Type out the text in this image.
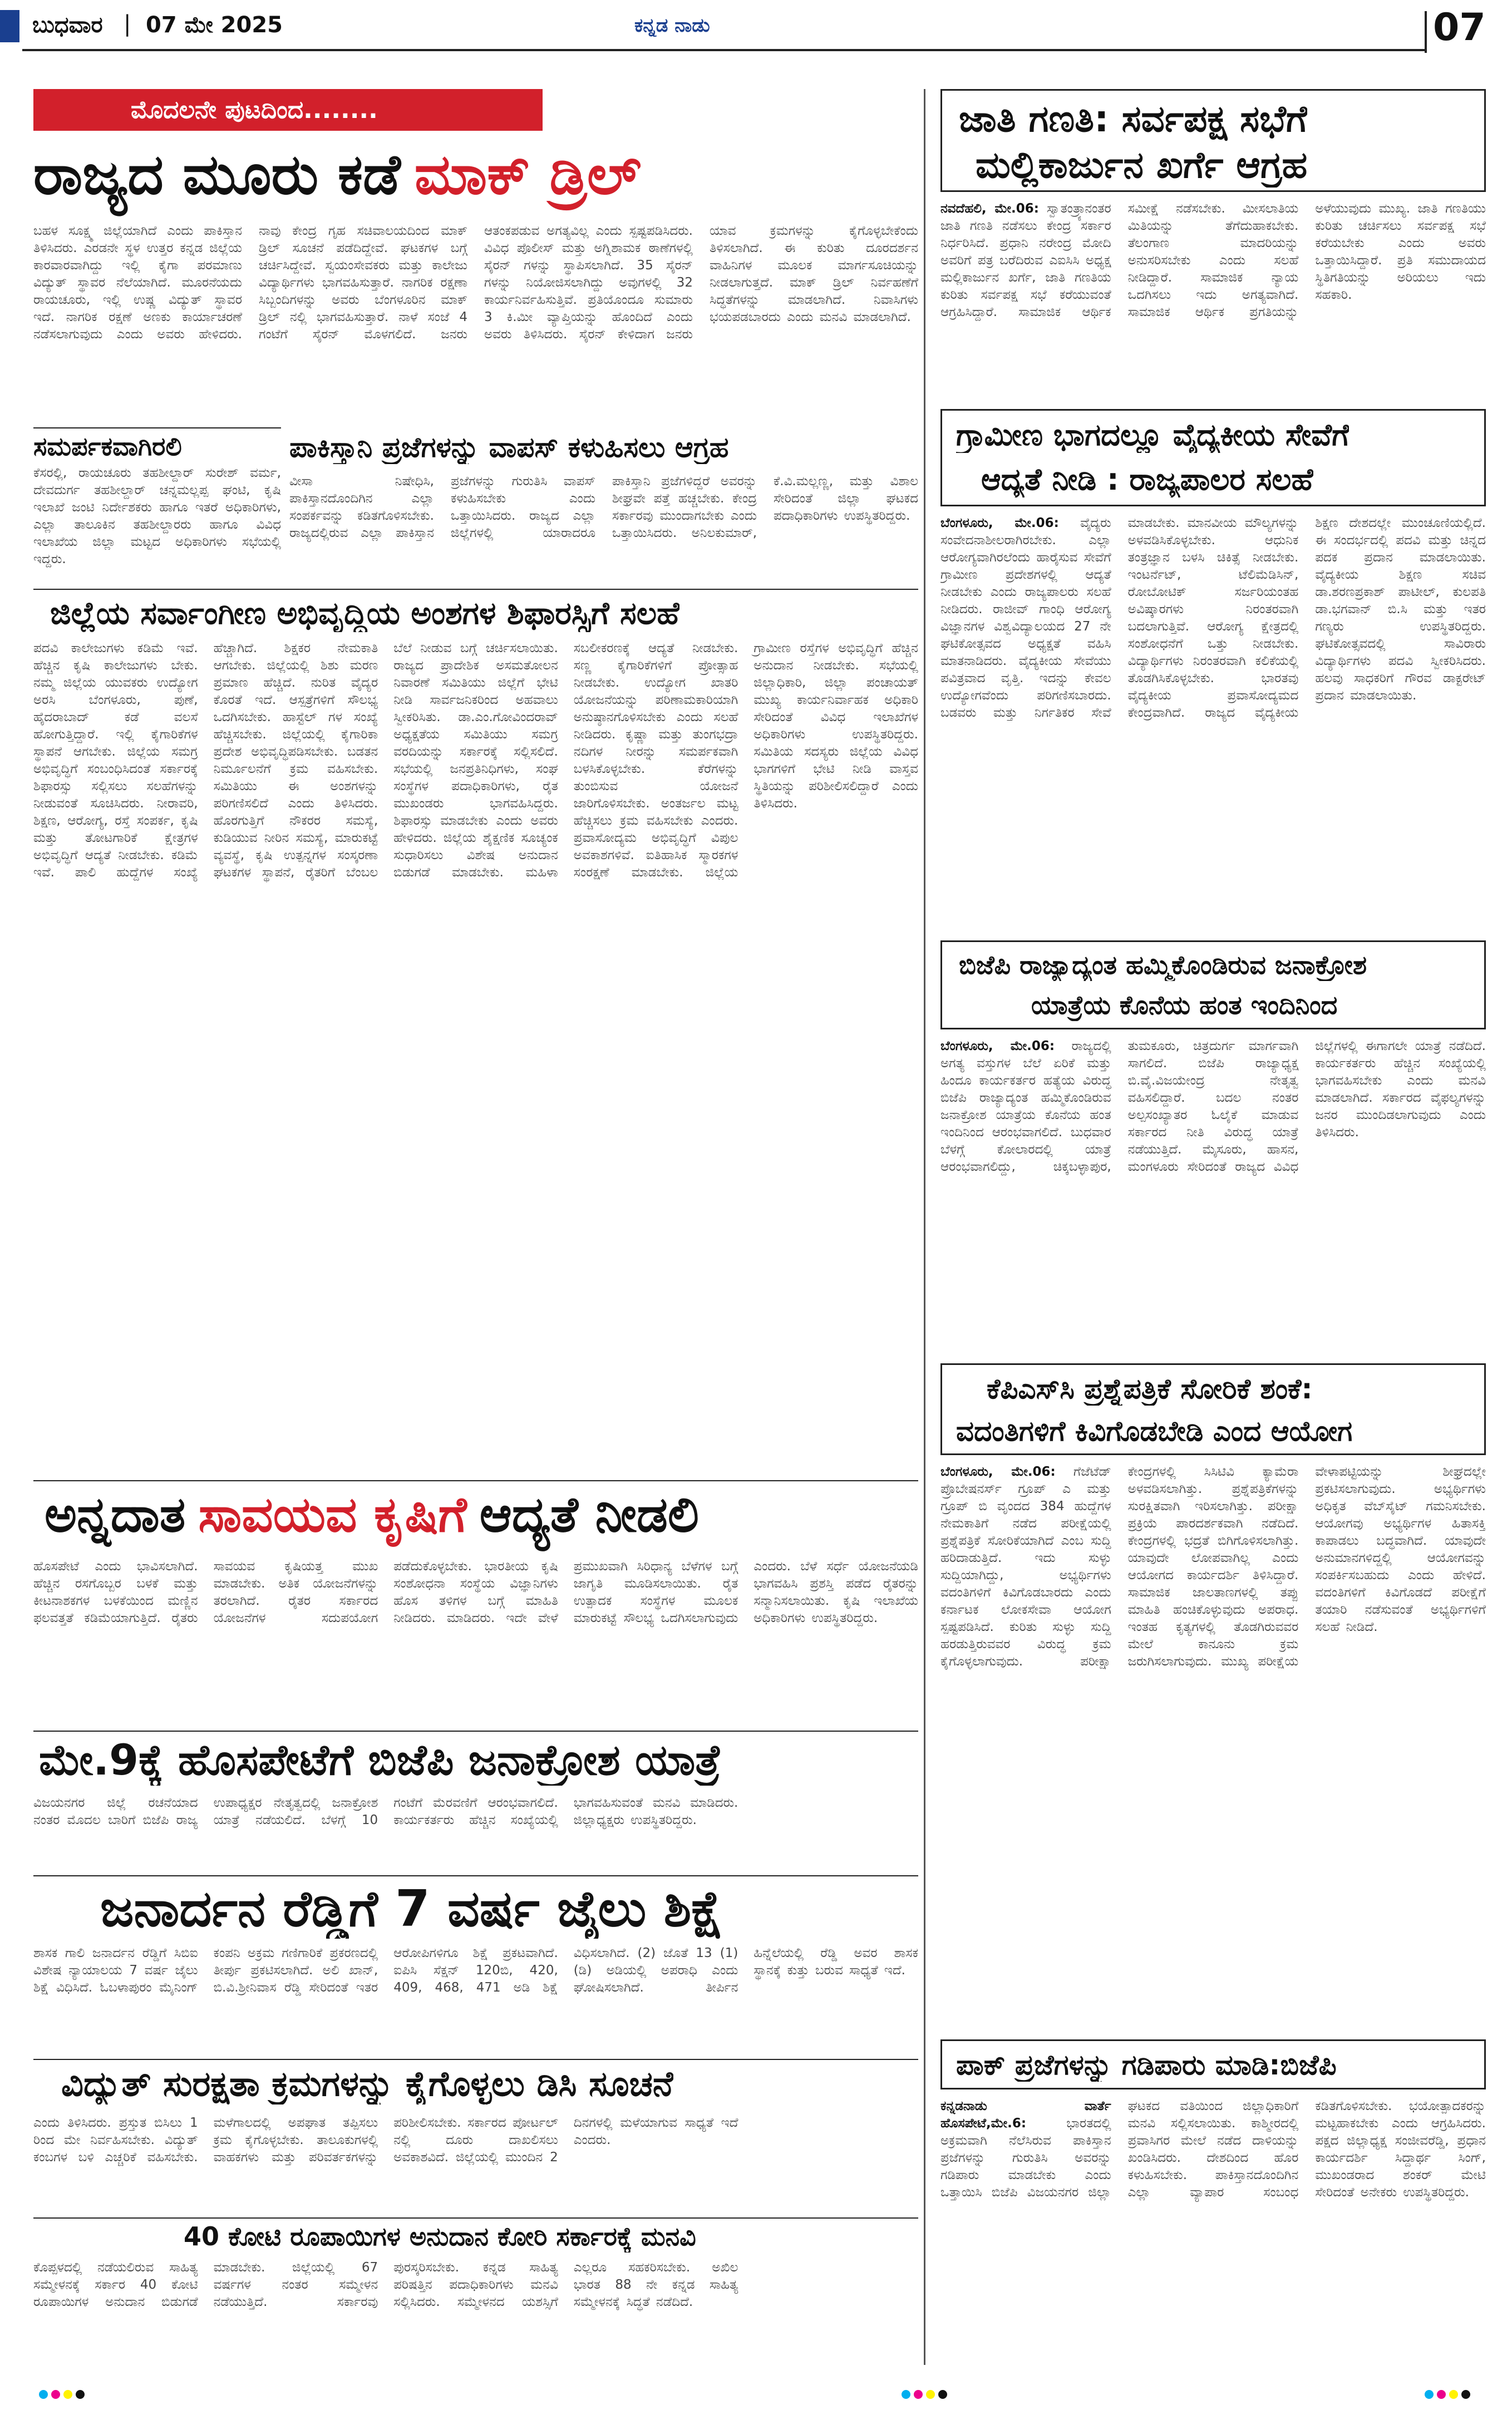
ಬುಧವಾರ | 07 ಮೇ 2025	ಕನ್ನಡ ನಾಡು	07
ಮೊದಲನೇ ಪುಟದಿಂದ........
ರಾಜ್ಯದ ಮೂರು ಕಡೆ ಮಾಕ್ ಡ್ರಿಲ್
ಬಹಳ ಸೂಕ್ಷ್ಮ ಜಿಲ್ಲೆಯಾಗಿದೆ ಎಂದು ಪಾಕಿಸ್ತಾನ ತಿಳಿಸಿದರು. ಎರಡನೇ ಸ್ಥಳ ಉತ್ತರ ಕನ್ನಡ ಜಿಲ್ಲೆಯ ಕಾರವಾರವಾಗಿದ್ದು ಇಲ್ಲಿ ಕೈಗಾ ಪರಮಾಣು ವಿದ್ಯುತ್ ಸ್ಥಾವರ ನೆಲೆಯಾಗಿದೆ. ಮೂರನೆಯದು ರಾಯಚೂರು, ಇಲ್ಲಿ ಉಷ್ಣ ವಿದ್ಯುತ್ ಸ್ಥಾವರ ಇದೆ. ನಾಗರಿಕ ರಕ್ಷಣೆ ಅಣಕು ಕಾರ್ಯಾಚರಣೆ ನಡೆಸಲಾಗುವುದು ಎಂದು ಅವರು ಹೇಳಿದರು. ನಾವು ಕೇಂದ್ರ ಗೃಹ ಸಚಿವಾಲಯದಿಂದ ಮಾಕ್ ಡ್ರಿಲ್ ಸೂಚನೆ ಪಡೆದಿದ್ದೇವೆ. ಘಟಕಗಳ ಬಗ್ಗೆ ಚರ್ಚಿಸಿದ್ದೇವೆ. ಸ್ವಯಂಸೇವಕರು ಮತ್ತು ಕಾಲೇಜು ವಿದ್ಯಾರ್ಥಿಗಳು ಭಾಗವಹಿಸುತ್ತಾರೆ. ನಾಗರಿಕ ರಕ್ಷಣಾ ಸಿಬ್ಬಂದಿಗಳನ್ನು ಅವರು ಬೆಂಗಳೂರಿನ ಮಾಕ್ ಡ್ರಿಲ್ ನಲ್ಲಿ ಭಾಗವಹಿಸುತ್ತಾರೆ. ನಾಳೆ ಸಂಜೆ 4 ಗಂಟೆಗೆ ಸೈರನ್ ಮೊಳಗಲಿದೆ. ಜನರು ಆತಂಕಪಡುವ ಅಗತ್ಯವಿಲ್ಲ ಎಂದು ಸ್ಪಷ್ಟಪಡಿಸಿದರು. ವಿವಿಧ ಪೊಲೀಸ್ ಮತ್ತು ಅಗ್ನಿಶಾಮಕ ಠಾಣೆಗಳಲ್ಲಿ ಸೈರನ್ ಗಳನ್ನು ಸ್ಥಾಪಿಸಲಾಗಿದೆ. 35 ಸೈರನ್ ಗಳನ್ನು ನಿಯೋಜಿಸಲಾಗಿದ್ದು ಅವುಗಳಲ್ಲಿ 32 ಕಾರ್ಯನಿರ್ವಹಿಸುತ್ತಿವೆ. ಪ್ರತಿಯೊಂದೂ ಸುಮಾರು 3 ಕಿ.ಮೀ ವ್ಯಾಪ್ತಿಯನ್ನು ಹೊಂದಿದೆ ಎಂದು ಅವರು ತಿಳಿಸಿದರು. ಸೈರನ್ ಕೇಳಿದಾಗ ಜನರು ಯಾವ ಕ್ರಮಗಳನ್ನು ಕೈಗೊಳ್ಳಬೇಕೆಂದು ತಿಳಿಸಲಾಗಿದೆ. ಈ ಕುರಿತು ದೂರದರ್ಶನ ವಾಹಿನಿಗಳ ಮೂಲಕ ಮಾರ್ಗಸೂಚಿಯನ್ನು ನೀಡಲಾಗುತ್ತದೆ. ಮಾಕ್ ಡ್ರಿಲ್ ನಿರ್ವಹಣೆಗೆ ಸಿದ್ಧತೆಗಳನ್ನು ಮಾಡಲಾಗಿದೆ. ನಿವಾಸಿಗಳು ಭಯಪಡಬಾರದು ಎಂದು ಮನವಿ ಮಾಡಲಾಗಿದೆ.
ಸಮರ್ಪಕವಾಗಿರಲಿ
ಕೆಸರಲ್ಲಿ, ರಾಯಚೂರು ತಹಶೀಲ್ದಾರ್ ಸುರೇಶ್ ವರ್ಮ, ದೇವದುರ್ಗ ತಹಶೀಲ್ದಾರ್ ಚನ್ನಮಲ್ಲಪ್ಪ ಘಂಟಿ, ಕೃಷಿ ಇಲಾಖೆ ಜಂಟಿ ನಿರ್ದೇಶಕರು ಹಾಗೂ ಇತರೆ ಅಧಿಕಾರಿಗಳು, ಎಲ್ಲಾ ತಾಲೂಕಿನ ತಹಶೀಲ್ದಾರರು ಹಾಗೂ ವಿವಿಧ ಇಲಾಖೆಯ ಜಿಲ್ಲಾ ಮಟ್ಟದ ಅಧಿಕಾರಿಗಳು ಸಭೆಯಲ್ಲಿ ಇದ್ದರು.
ಪಾಕಿಸ್ತಾನಿ ಪ್ರಜೆಗಳನ್ನು ವಾಪಸ್ ಕಳುಹಿಸಲು ಆಗ್ರಹ
ವೀಸಾ ನಿಷೇಧಿಸಿ, ಪಾಕಿಸ್ತಾನದೊಂದಿಗಿನ ಎಲ್ಲಾ ಸಂಪರ್ಕವನ್ನು ಕಡಿತಗೊಳಿಸಬೇಕು. ರಾಜ್ಯದಲ್ಲಿರುವ ಎಲ್ಲಾ ಪಾಕಿಸ್ತಾನ ಪ್ರಜೆಗಳನ್ನು ಗುರುತಿಸಿ ವಾಪಸ್ ಕಳುಹಿಸಬೇಕು ಎಂದು ಒತ್ತಾಯಿಸಿದರು. ರಾಜ್ಯದ ಎಲ್ಲಾ ಜಿಲ್ಲೆಗಳಲ್ಲಿ ಯಾರಾದರೂ ಪಾಕಿಸ್ತಾನಿ ಪ್ರಜೆಗಳಿದ್ದರೆ ಅವರನ್ನು ಶೀಘ್ರವೇ ಪತ್ತೆ ಹಚ್ಚಬೇಕು. ಕೇಂದ್ರ ಸರ್ಕಾರವು ಮುಂದಾಗಬೇಕು ಎಂದು ಒತ್ತಾಯಿಸಿದರು. ಅನಿಲಕುಮಾರ್, ಕೆ.ವಿ.ಮಲ್ಲಣ್ಣ, ಮತ್ತು ವಿಶಾಲ ಸೇರಿದಂತೆ ಜಿಲ್ಲಾ ಘಟಕದ ಪದಾಧಿಕಾರಿಗಳು ಉಪಸ್ಥಿತರಿದ್ದರು.
ಜಿಲ್ಲೆಯ ಸರ್ವಾಂಗೀಣ ಅಭಿವೃದ್ಧಿಯ ಅಂಶಗಳ ಶಿಫಾರಸ್ಸಿಗೆ ಸಲಹೆ
ಪದವಿ ಕಾಲೇಜುಗಳು ಕಡಿಮೆ ಇವೆ. ಹೆಚ್ಚಿನ ಕೃಷಿ ಕಾಲೇಜುಗಳು ಬೇಕು. ನಮ್ಮ ಜಿಲ್ಲೆಯ ಯುವಕರು ಉದ್ಯೋಗ ಅರಸಿ ಬೆಂಗಳೂರು, ಪುಣೆ, ಹೈದರಾಬಾದ್ ಕಡೆ ವಲಸೆ ಹೋಗುತ್ತಿದ್ದಾರೆ. ಇಲ್ಲಿ ಕೈಗಾರಿಕೆಗಳ ಸ್ಥಾಪನೆ ಆಗಬೇಕು. ಜಿಲ್ಲೆಯ ಸಮಗ್ರ ಅಭಿವೃದ್ಧಿಗೆ ಸಂಬಂಧಿಸಿದಂತೆ ಸರ್ಕಾರಕ್ಕೆ ಶಿಫಾರಸ್ಸು ಸಲ್ಲಿಸಲು ಸಲಹೆಗಳನ್ನು ನೀಡುವಂತೆ ಸೂಚಿಸಿದರು. ನೀರಾವರಿ, ಶಿಕ್ಷಣ, ಆರೋಗ್ಯ, ರಸ್ತೆ ಸಂಪರ್ಕ, ಕೃಷಿ ಮತ್ತು ತೋಟಗಾರಿಕೆ ಕ್ಷೇತ್ರಗಳ ಅಭಿವೃದ್ಧಿಗೆ ಆದ್ಯತೆ ನೀಡಬೇಕು. ಕಡಿಮೆ ಇವೆ. ಪಾಲಿ ಹುದ್ದೆಗಳ ಸಂಖ್ಯೆ ಹೆಚ್ಚಾಗಿದೆ. ಶಿಕ್ಷಕರ ನೇಮಕಾತಿ ಆಗಬೇಕು. ಜಿಲ್ಲೆಯಲ್ಲಿ ಶಿಶು ಮರಣ ಪ್ರಮಾಣ ಹೆಚ್ಚಿದೆ. ನುರಿತ ವೈದ್ಯರ ಕೊರತೆ ಇದೆ. ಆಸ್ಪತ್ರೆಗಳಿಗೆ ಸೌಲಭ್ಯ ಒದಗಿಸಬೇಕು. ಹಾಸ್ಟೆಲ್ ಗಳ ಸಂಖ್ಯೆ ಹೆಚ್ಚಿಸಬೇಕು. ಜಿಲ್ಲೆಯಲ್ಲಿ ಕೈಗಾರಿಕಾ ಪ್ರದೇಶ ಅಭಿವೃದ್ಧಿಪಡಿಸಬೇಕು. ಬಡತನ ನಿರ್ಮೂಲನೆಗೆ ಕ್ರಮ ವಹಿಸಬೇಕು. ಸಮಿತಿಯು ಈ ಅಂಶಗಳನ್ನು ಪರಿಗಣಿಸಲಿದೆ ಎಂದು ತಿಳಿಸಿದರು. ಹೊರಗುತ್ತಿಗೆ ನೌಕರರ ಸಮಸ್ಯೆ, ಕುಡಿಯುವ ನೀರಿನ ಸಮಸ್ಯೆ, ಮಾರುಕಟ್ಟೆ ವ್ಯವಸ್ಥೆ, ಕೃಷಿ ಉತ್ಪನ್ನಗಳ ಸಂಸ್ಕರಣಾ ಘಟಕಗಳ ಸ್ಥಾಪನೆ, ರೈತರಿಗೆ ಬೆಂಬಲ ಬೆಲೆ ನೀಡುವ ಬಗ್ಗೆ ಚರ್ಚಿಸಲಾಯಿತು. ರಾಜ್ಯದ ಪ್ರಾದೇಶಿಕ ಅಸಮತೋಲನ ನಿವಾರಣೆ ಸಮಿತಿಯು ಜಿಲ್ಲೆಗೆ ಭೇಟಿ ನೀಡಿ ಸಾರ್ವಜನಿಕರಿಂದ ಅಹವಾಲು ಸ್ವೀಕರಿಸಿತು. ಡಾ.ಎಂ.ಗೋವಿಂದರಾವ್ ಅಧ್ಯಕ್ಷತೆಯ ಸಮಿತಿಯು ಸಮಗ್ರ ವರದಿಯನ್ನು ಸರ್ಕಾರಕ್ಕೆ ಸಲ್ಲಿಸಲಿದೆ. ಸಭೆಯಲ್ಲಿ ಜನಪ್ರತಿನಿಧಿಗಳು, ಸಂಘ ಸಂಸ್ಥೆಗಳ ಪದಾಧಿಕಾರಿಗಳು, ರೈತ ಮುಖಂಡರು ಭಾಗವಹಿಸಿದ್ದರು. ಶಿಫಾರಸ್ಸು ಮಾಡಬೇಕು ಎಂದು ಅವರು ಹೇಳಿದರು. ಜಿಲ್ಲೆಯ ಶೈಕ್ಷಣಿಕ ಸೂಚ್ಯಂಕ ಸುಧಾರಿಸಲು ವಿಶೇಷ ಅನುದಾನ ಬಿಡುಗಡೆ ಮಾಡಬೇಕು. ಮಹಿಳಾ ಸಬಲೀಕರಣಕ್ಕೆ ಆದ್ಯತೆ ನೀಡಬೇಕು. ಸಣ್ಣ ಕೈಗಾರಿಕೆಗಳಿಗೆ ಪ್ರೋತ್ಸಾಹ ನೀಡಬೇಕು. ಉದ್ಯೋಗ ಖಾತರಿ ಯೋಜನೆಯನ್ನು ಪರಿಣಾಮಕಾರಿಯಾಗಿ ಅನುಷ್ಠಾನಗೊಳಿಸಬೇಕು ಎಂದು ಸಲಹೆ ನೀಡಿದರು. ಕೃಷ್ಣಾ ಮತ್ತು ತುಂಗಭದ್ರಾ ನದಿಗಳ ನೀರನ್ನು ಸಮರ್ಪಕವಾಗಿ ಬಳಸಿಕೊಳ್ಳಬೇಕು. ಕೆರೆಗಳನ್ನು ತುಂಬಿಸುವ ಯೋಜನೆ ಜಾರಿಗೊಳಿಸಬೇಕು. ಅಂತರ್ಜಲ ಮಟ್ಟ ಹೆಚ್ಚಿಸಲು ಕ್ರಮ ವಹಿಸಬೇಕು ಎಂದರು. ಪ್ರವಾಸೋದ್ಯಮ ಅಭಿವೃದ್ಧಿಗೆ ವಿಪುಲ ಅವಕಾಶಗಳಿವೆ. ಐತಿಹಾಸಿಕ ಸ್ಮಾರಕಗಳ ಸಂರಕ್ಷಣೆ ಮಾಡಬೇಕು. ಜಿಲ್ಲೆಯ ಗ್ರಾಮೀಣ ರಸ್ತೆಗಳ ಅಭಿವೃದ್ಧಿಗೆ ಹೆಚ್ಚಿನ ಅನುದಾನ ನೀಡಬೇಕು. ಸಭೆಯಲ್ಲಿ ಜಿಲ್ಲಾಧಿಕಾರಿ, ಜಿಲ್ಲಾ ಪಂಚಾಯತ್ ಮುಖ್ಯ ಕಾರ್ಯನಿರ್ವಾಹಕ ಅಧಿಕಾರಿ ಸೇರಿದಂತೆ ವಿವಿಧ ಇಲಾಖೆಗಳ ಅಧಿಕಾರಿಗಳು ಉಪಸ್ಥಿತರಿದ್ದರು. ಸಮಿತಿಯ ಸದಸ್ಯರು ಜಿಲ್ಲೆಯ ವಿವಿಧ ಭಾಗಗಳಿಗೆ ಭೇಟಿ ನೀಡಿ ವಾಸ್ತವ ಸ್ಥಿತಿಯನ್ನು ಪರಿಶೀಲಿಸಲಿದ್ದಾರೆ ಎಂದು ತಿಳಿಸಿದರು.
ಅನ್ನದಾತ ಸಾವಯವ ಕೃಷಿಗೆ ಆದ್ಯತೆ ನೀಡಲಿ
ಹೊಸಪೇಟೆ ಎಂದು ಭಾವಿಸಲಾಗಿದೆ. ಹೆಚ್ಚಿನ ರಸಗೊಬ್ಬರ ಬಳಕೆ ಮತ್ತು ಕೀಟನಾಶಕಗಳ ಬಳಕೆಯಿಂದ ಮಣ್ಣಿನ ಫಲವತ್ತತೆ ಕಡಿಮೆಯಾಗುತ್ತಿದೆ. ರೈತರು ಸಾವಯವ ಕೃಷಿಯತ್ತ ಮುಖ ಮಾಡಬೇಕು. ಅತಿಕ ಯೋಜನೆಗಳನ್ನು ತರಲಾಗಿದೆ. ರೈತರ ಸರ್ಕಾರದ ಯೋಜನೆಗಳ ಸದುಪಯೋಗ ಪಡೆದುಕೊಳ್ಳಬೇಕು. ಭಾರತೀಯ ಕೃಷಿ ಸಂಶೋಧನಾ ಸಂಸ್ಥೆಯ ವಿಜ್ಞಾನಿಗಳು ಹೊಸ ತಳಿಗಳ ಬಗ್ಗೆ ಮಾಹಿತಿ ನೀಡಿದರು. ಮಾಡಿದರು. ಇದೇ ವೇಳೆ ಪ್ರಮುಖವಾಗಿ ಸಿರಿಧಾನ್ಯ ಬೆಳೆಗಳ ಬಗ್ಗೆ ಜಾಗೃತಿ ಮೂಡಿಸಲಾಯಿತು. ರೈತ ಉತ್ಪಾದಕ ಸಂಸ್ಥೆಗಳ ಮೂಲಕ ಮಾರುಕಟ್ಟೆ ಸೌಲಭ್ಯ ಒದಗಿಸಲಾಗುವುದು ಎಂದರು. ಬೆಳೆ ಸರ್ಧೆ ಯೋಜನೆಯಡಿ ಭಾಗವಹಿಸಿ ಪ್ರಶಸ್ತಿ ಪಡೆದ ರೈತರನ್ನು ಸನ್ಮಾನಿಸಲಾಯಿತು. ಕೃಷಿ ಇಲಾಖೆಯ ಅಧಿಕಾರಿಗಳು ಉಪಸ್ಥಿತರಿದ್ದರು.
ಮೇ.9ಕ್ಕೆ ಹೊಸಪೇಟೆಗೆ ಬಿಜೆಪಿ ಜನಾಕ್ರೋಶ ಯಾತ್ರೆ
ವಿಜಯನಗರ ಜಿಲ್ಲೆ ರಚನೆಯಾದ ನಂತರ ಮೊದಲ ಬಾರಿಗೆ ಬಿಜೆಪಿ ರಾಜ್ಯ ಉಪಾಧ್ಯಕ್ಷರ ನೇತೃತ್ವದಲ್ಲಿ ಜನಾಕ್ರೋಶ ಯಾತ್ರೆ ನಡೆಯಲಿದೆ. ಬೆಳಗ್ಗೆ 10 ಗಂಟೆಗೆ ಮೆರವಣಿಗೆ ಆರಂಭವಾಗಲಿದೆ. ಕಾರ್ಯಕರ್ತರು ಹೆಚ್ಚಿನ ಸಂಖ್ಯೆಯಲ್ಲಿ ಭಾಗವಹಿಸುವಂತೆ ಮನವಿ ಮಾಡಿದರು. ಜಿಲ್ಲಾಧ್ಯಕ್ಷರು ಉಪಸ್ಥಿತರಿದ್ದರು.
ಜನಾರ್ದನ ರೆಡ್ಡಿಗೆ 7 ವರ್ಷ ಜೈಲು ಶಿಕ್ಷೆ
ಶಾಸಕ ಗಾಲಿ ಜನಾರ್ದನ ರೆಡ್ಡಿಗೆ ಸಿಬಿಐ ವಿಶೇಷ ನ್ಯಾಯಾಲಯ 7 ವರ್ಷ ಜೈಲು ಶಿಕ್ಷೆ ವಿಧಿಸಿದೆ. ಓಬಳಾಪುರಂ ಮೈನಿಂಗ್ ಕಂಪನಿ ಅಕ್ರಮ ಗಣಿಗಾರಿಕೆ ಪ್ರಕರಣದಲ್ಲಿ ತೀರ್ಪು ಪ್ರಕಟಿಸಲಾಗಿದೆ. ಅಲಿ ಖಾನ್, ಬಿ.ವಿ.ಶ್ರೀನಿವಾಸ ರೆಡ್ಡಿ ಸೇರಿದಂತೆ ಇತರ ಆರೋಪಿಗಳಿಗೂ ಶಿಕ್ಷೆ ಪ್ರಕಟವಾಗಿದೆ. ಐಪಿಸಿ ಸೆಕ್ಷನ್ 120ಬಿ, 420, 409, 468, 471 ಅಡಿ ಶಿಕ್ಷೆ ವಿಧಿಸಲಾಗಿದೆ. (2) ಜೊತೆ 13 (1)(ಡಿ) ಅಡಿಯಲ್ಲಿ ಅಪರಾಧಿ ಎಂದು ಘೋಷಿಸಲಾಗಿದೆ. ತೀರ್ಪಿನ ಹಿನ್ನೆಲೆಯಲ್ಲಿ ರೆಡ್ಡಿ ಅವರ ಶಾಸಕ ಸ್ಥಾನಕ್ಕೆ ಕುತ್ತು ಬರುವ ಸಾಧ್ಯತೆ ಇದೆ.
ವಿದ್ಯುತ್ ಸುರಕ್ಷತಾ ಕ್ರಮಗಳನ್ನು ಕೈಗೊಳ್ಳಲು ಡಿಸಿ ಸೂಚನೆ
ಎಂದು ತಿಳಿಸಿದರು. ಪ್ರಸ್ತುತ ಬಿಸಿಲು 1 ರಿಂದ ಮೇ ನಿರ್ವಹಿಸಬೇಕು. ವಿದ್ಯುತ್ ಕಂಬಗಳ ಬಳಿ ಎಚ್ಚರಿಕೆ ವಹಿಸಬೇಕು. ಮಳೆಗಾಲದಲ್ಲಿ ಅಪಘಾತ ತಪ್ಪಿಸಲು ಕ್ರಮ ಕೈಗೊಳ್ಳಬೇಕು. ತಾಲೂಕುಗಳಲ್ಲಿ ವಾಹಕಗಳು ಮತ್ತು ಪರಿವರ್ತಕಗಳನ್ನು ಪರಿಶೀಲಿಸಬೇಕು. ಸರ್ಕಾರದ ಪೋರ್ಟಲ್ ನಲ್ಲಿ ದೂರು ದಾಖಲಿಸಲು ಅವಕಾಶವಿದೆ. ಜಿಲ್ಲೆಯಲ್ಲಿ ಮುಂದಿನ 2 ದಿನಗಳಲ್ಲಿ ಮಳೆಯಾಗುವ ಸಾಧ್ಯತೆ ಇದೆ ಎಂದರು.
40 ಕೋಟಿ ರೂಪಾಯಿಗಳ ಅನುದಾನ ಕೋರಿ ಸರ್ಕಾರಕ್ಕೆ ಮನವಿ
ಕೊಪ್ಪಳದಲ್ಲಿ ನಡೆಯಲಿರುವ ಸಾಹಿತ್ಯ ಸಮ್ಮೇಳನಕ್ಕೆ ಸರ್ಕಾರ 40 ಕೋಟಿ ರೂಪಾಯಿಗಳ ಅನುದಾನ ಬಿಡುಗಡೆ ಮಾಡಬೇಕು. ಜಿಲ್ಲೆಯಲ್ಲಿ 67 ವರ್ಷಗಳ ನಂತರ ಸಮ್ಮೇಳನ ನಡೆಯುತ್ತಿದೆ. ಸರ್ಕಾರವು ಪುರಸ್ಕರಿಸಬೇಕು. ಕನ್ನಡ ಸಾಹಿತ್ಯ ಪರಿಷತ್ತಿನ ಪದಾಧಿಕಾರಿಗಳು ಮನವಿ ಸಲ್ಲಿಸಿದರು. ಸಮ್ಮೇಳನದ ಯಶಸ್ಸಿಗೆ ಎಲ್ಲರೂ ಸಹಕರಿಸಬೇಕು. ಅಖಿಲ ಭಾರತ 88 ನೇ ಕನ್ನಡ ಸಾಹಿತ್ಯ ಸಮ್ಮೇಳನಕ್ಕೆ ಸಿದ್ಧತೆ ನಡೆದಿದೆ.
ಜಾತಿ ಗಣತಿ: ಸರ್ವಪಕ್ಷ ಸಭೆಗೆ
ಮಲ್ಲಿಕಾರ್ಜುನ ಖರ್ಗೆ ಆಗ್ರಹ
ನವದೆಹಲಿ, ಮೇ.06: ಸ್ವಾತಂತ್ರ್ಯಾನಂತರ ಜಾತಿ ಗಣತಿ ನಡೆಸಲು ಕೇಂದ್ರ ಸರ್ಕಾರ ನಿರ್ಧರಿಸಿದೆ. ಪ್ರಧಾನಿ ನರೇಂದ್ರ ಮೋದಿ ಅವರಿಗೆ ಪತ್ರ ಬರೆದಿರುವ ಎಐಸಿಸಿ ಅಧ್ಯಕ್ಷ ಮಲ್ಲಿಕಾರ್ಜುನ ಖರ್ಗೆ, ಜಾತಿ ಗಣತಿಯ ಕುರಿತು ಸರ್ವಪಕ್ಷ ಸಭೆ ಕರೆಯುವಂತೆ ಆಗ್ರಹಿಸಿದ್ದಾರೆ. ಸಾಮಾಜಿಕ ಆರ್ಥಿಕ ಸಮೀಕ್ಷೆ ನಡೆಸಬೇಕು. ಮೀಸಲಾತಿಯ ಮಿತಿಯನ್ನು ತೆಗೆದುಹಾಕಬೇಕು. ತೆಲಂಗಾಣ ಮಾದರಿಯನ್ನು ಅನುಸರಿಸಬೇಕು ಎಂದು ಸಲಹೆ ನೀಡಿದ್ದಾರೆ. ಸಾಮಾಜಿಕ ನ್ಯಾಯ ಒದಗಿಸಲು ಇದು ಅಗತ್ಯವಾಗಿದೆ. ಸಾಮಾಜಿಕ ಆರ್ಥಿಕ ಪ್ರಗತಿಯನ್ನು ಅಳೆಯುವುದು ಮುಖ್ಯ. ಜಾತಿ ಗಣತಿಯು ಕುರಿತು ಚರ್ಚಿಸಲು ಸರ್ವಪಕ್ಷ ಸಭೆ ಕರೆಯಬೇಕು ಎಂದು ಅವರು ಒತ್ತಾಯಿಸಿದ್ದಾರೆ. ಪ್ರತಿ ಸಮುದಾಯದ ಸ್ಥಿತಿಗತಿಯನ್ನು ಅರಿಯಲು ಇದು ಸಹಕಾರಿ.
ಗ್ರಾಮೀಣ ಭಾಗದಲ್ಲೂ ವೈದ್ಯಕೀಯ ಸೇವೆಗೆ
ಆದ್ಯತೆ ನೀಡಿ : ರಾಜ್ಯಪಾಲರ ಸಲಹೆ
ಬೆಂಗಳೂರು, ಮೇ.06: ವೈದ್ಯರು ಸಂವೇದನಾಶೀಲರಾಗಿರಬೇಕು. ಎಲ್ಲಾ ಆರೋಗ್ಯವಾಗಿರಲೆಂದು ಹಾರೈಸುವ ಸೇವೆಗೆ ಗ್ರಾಮೀಣ ಪ್ರದೇಶಗಳಲ್ಲಿ ಆದ್ಯತೆ ನೀಡಬೇಕು ಎಂದು ರಾಜ್ಯಪಾಲರು ಸಲಹೆ ನೀಡಿದರು. ರಾಜೀವ್ ಗಾಂಧಿ ಆರೋಗ್ಯ ವಿಜ್ಞಾನಗಳ ವಿಶ್ವವಿದ್ಯಾಲಯದ 27 ನೇ ಘಟಿಕೋತ್ಸವದ ಅಧ್ಯಕ್ಷತೆ ವಹಿಸಿ ಮಾತನಾಡಿದರು. ವೈದ್ಯಕೀಯ ಸೇವೆಯು ಪವಿತ್ರವಾದ ವೃತ್ತಿ. ಇದನ್ನು ಕೇವಲ ಉದ್ಯೋಗವೆಂದು ಪರಿಗಣಿಸಬಾರದು. ಬಡವರು ಮತ್ತು ನಿರ್ಗತಿಕರ ಸೇವೆ ಮಾಡಬೇಕು. ಮಾನವೀಯ ಮೌಲ್ಯಗಳನ್ನು ಅಳವಡಿಸಿಕೊಳ್ಳಬೇಕು. ಆಧುನಿಕ ತಂತ್ರಜ್ಞಾನ ಬಳಸಿ ಚಿಕಿತ್ಸೆ ನೀಡಬೇಕು. ಇಂಟರ್ನೆಟ್, ಟೆಲಿಮೆಡಿಸಿನ್, ರೋಬೋಟಿಕ್ ಸರ್ಜರಿಯಂತಹ ಅವಿಷ್ಕಾರಗಳು ನಿರಂತರವಾಗಿ ಬದಲಾಗುತ್ತಿವೆ. ಆರೋಗ್ಯ ಕ್ಷೇತ್ರದಲ್ಲಿ ಸಂಶೋಧನೆಗೆ ಒತ್ತು ನೀಡಬೇಕು. ವಿದ್ಯಾರ್ಥಿಗಳು ನಿರಂತರವಾಗಿ ಕಲಿಕೆಯಲ್ಲಿ ತೊಡಗಿಸಿಕೊಳ್ಳಬೇಕು. ಭಾರತವು ವೈದ್ಯಕೀಯ ಪ್ರವಾಸೋದ್ಯಮದ ಕೇಂದ್ರವಾಗಿದೆ. ರಾಜ್ಯದ ವೈದ್ಯಕೀಯ ಶಿಕ್ಷಣ ದೇಶದಲ್ಲೇ ಮುಂಚೂಣಿಯಲ್ಲಿದೆ. ಈ ಸಂದರ್ಭದಲ್ಲಿ ಪದವಿ ಮತ್ತು ಚಿನ್ನದ ಪದಕ ಪ್ರದಾನ ಮಾಡಲಾಯಿತು. ವೈದ್ಯಕೀಯ ಶಿಕ್ಷಣ ಸಚಿವ ಡಾ.ಶರಣಪ್ರಕಾಶ್ ಪಾಟೀಲ್, ಕುಲಪತಿ ಡಾ.ಭಗವಾನ್ ಬಿ.ಸಿ ಮತ್ತು ಇತರ ಗಣ್ಯರು ಉಪಸ್ಥಿತರಿದ್ದರು. ಘಟಿಕೋತ್ಸವದಲ್ಲಿ ಸಾವಿರಾರು ವಿದ್ಯಾರ್ಥಿಗಳು ಪದವಿ ಸ್ವೀಕರಿಸಿದರು. ಹಲವು ಸಾಧಕರಿಗೆ ಗೌರವ ಡಾಕ್ಟರೇಟ್ ಪ್ರದಾನ ಮಾಡಲಾಯಿತು.
ಬಿಜೆಪಿ ರಾಜ್ಯಾದ್ಯಂತ ಹಮ್ಮಿಕೊಂಡಿರುವ ಜನಾಕ್ರೋಶ
ಯಾತ್ರೆಯ ಕೊನೆಯ ಹಂತ ಇಂದಿನಿಂದ
ಬೆಂಗಳೂರು, ಮೇ.06: ರಾಜ್ಯದಲ್ಲಿ ಅಗತ್ಯ ವಸ್ತುಗಳ ಬೆಲೆ ಏರಿಕೆ ಮತ್ತು ಹಿಂದೂ ಕಾರ್ಯಕರ್ತರ ಹತ್ಯೆಯ ವಿರುದ್ಧ ಬಿಜೆಪಿ ರಾಜ್ಯಾದ್ಯಂತ ಹಮ್ಮಿಕೊಂಡಿರುವ ಜನಾಕ್ರೋಶ ಯಾತ್ರೆಯ ಕೊನೆಯ ಹಂತ ಇಂದಿನಿಂದ ಆರಂಭವಾಗಲಿದೆ. ಬುಧವಾರ ಬೆಳಗ್ಗೆ ಕೋಲಾರದಲ್ಲಿ ಯಾತ್ರೆ ಆರಂಭವಾಗಲಿದ್ದು, ಚಿಕ್ಕಬಳ್ಳಾಪುರ, ತುಮಕೂರು, ಚಿತ್ರದುರ್ಗ ಮಾರ್ಗವಾಗಿ ಸಾಗಲಿದೆ. ಬಿಜೆಪಿ ರಾಜ್ಯಾಧ್ಯಕ್ಷ ಬಿ.ವೈ.ವಿಜಯೇಂದ್ರ ನೇತೃತ್ವ ವಹಿಸಲಿದ್ದಾರೆ. ಬದಲ ನಂತರ ಅಲ್ಪಸಂಖ್ಯಾತರ ಓಲೈಕೆ ಮಾಡುವ ಸರ್ಕಾರದ ನೀತಿ ವಿರುದ್ಧ ಯಾತ್ರೆ ನಡೆಯುತ್ತಿದೆ. ಮೈಸೂರು, ಹಾಸನ, ಮಂಗಳೂರು ಸೇರಿದಂತೆ ರಾಜ್ಯದ ವಿವಿಧ ಜಿಲ್ಲೆಗಳಲ್ಲಿ ಈಗಾಗಲೇ ಯಾತ್ರೆ ನಡೆದಿದೆ. ಕಾರ್ಯಕರ್ತರು ಹೆಚ್ಚಿನ ಸಂಖ್ಯೆಯಲ್ಲಿ ಭಾಗವಹಿಸಬೇಕು ಎಂದು ಮನವಿ ಮಾಡಲಾಗಿದೆ. ಸರ್ಕಾರದ ವೈಫಲ್ಯಗಳನ್ನು ಜನರ ಮುಂದಿಡಲಾಗುವುದು ಎಂದು ತಿಳಿಸಿದರು.
ಕೆಪಿಎಸ್‌ಸಿ ಪ್ರಶ್ನೆಪತ್ರಿಕೆ ಸೋರಿಕೆ ಶಂಕೆ:
ವದಂತಿಗಳಿಗೆ ಕಿವಿಗೊಡಬೇಡಿ ಎಂದ ಆಯೋಗ
ಬೆಂಗಳೂರು, ಮೇ.06: ಗೆಜೆಟೆಡ್ ಪ್ರೊಬೇಷನರ್ಸ್ ಗ್ರೂಪ್ ಎ ಮತ್ತು ಗ್ರೂಪ್ ಬಿ ವೃಂದದ 384 ಹುದ್ದೆಗಳ ನೇಮಕಾತಿಗೆ ನಡೆದ ಪರೀಕ್ಷೆಯಲ್ಲಿ ಪ್ರಶ್ನೆಪತ್ರಿಕೆ ಸೋರಿಕೆಯಾಗಿದೆ ಎಂಬ ಸುದ್ದಿ ಹರಿದಾಡುತ್ತಿದೆ. ಇದು ಸುಳ್ಳು ಸುದ್ದಿಯಾಗಿದ್ದು, ಅಭ್ಯರ್ಥಿಗಳು ವದಂತಿಗಳಿಗೆ ಕಿವಿಗೊಡಬಾರದು ಎಂದು ಕರ್ನಾಟಕ ಲೋಕಸೇವಾ ಆಯೋಗ ಸ್ಪಷ್ಟಪಡಿಸಿದೆ. ಕುರಿತು ಸುಳ್ಳು ಸುದ್ದಿ ಹರಡುತ್ತಿರುವವರ ವಿರುದ್ಧ ಕ್ರಮ ಕೈಗೊಳ್ಳಲಾಗುವುದು. ಪರೀಕ್ಷಾ ಕೇಂದ್ರಗಳಲ್ಲಿ ಸಿಸಿಟಿವಿ ಕ್ಯಾಮೆರಾ ಅಳವಡಿಸಲಾಗಿತ್ತು. ಪ್ರಶ್ನೆಪತ್ರಿಕೆಗಳನ್ನು ಸುರಕ್ಷಿತವಾಗಿ ಇರಿಸಲಾಗಿತ್ತು. ಪರೀಕ್ಷಾ ಪ್ರಕ್ರಿಯೆ ಪಾರದರ್ಶಕವಾಗಿ ನಡೆದಿದೆ. ಕೇಂದ್ರಗಳಲ್ಲಿ ಭದ್ರತೆ ಬಿಗಿಗೊಳಿಸಲಾಗಿತ್ತು. ಯಾವುದೇ ಲೋಪವಾಗಿಲ್ಲ ಎಂದು ಆಯೋಗದ ಕಾರ್ಯದರ್ಶಿ ತಿಳಿಸಿದ್ದಾರೆ. ಸಾಮಾಜಿಕ ಜಾಲತಾಣಗಳಲ್ಲಿ ತಪ್ಪು ಮಾಹಿತಿ ಹಂಚಿಕೊಳ್ಳುವುದು ಅಪರಾಧ. ಇಂತಹ ಕೃತ್ಯಗಳಲ್ಲಿ ತೊಡಗಿರುವವರ ಮೇಲೆ ಕಾನೂನು ಕ್ರಮ ಜರುಗಿಸಲಾಗುವುದು. ಮುಖ್ಯ ಪರೀಕ್ಷೆಯ ವೇಳಾಪಟ್ಟಿಯನ್ನು ಶೀಘ್ರದಲ್ಲೇ ಪ್ರಕಟಿಸಲಾಗುವುದು. ಅಭ್ಯರ್ಥಿಗಳು ಅಧಿಕೃತ ವೆಬ್‌ಸೈಟ್ ಗಮನಿಸಬೇಕು. ಆಯೋಗವು ಅಭ್ಯರ್ಥಿಗಳ ಹಿತಾಸಕ್ತಿ ಕಾಪಾಡಲು ಬದ್ಧವಾಗಿದೆ. ಯಾವುದೇ ಅನುಮಾನಗಳಿದ್ದಲ್ಲಿ ಆಯೋಗವನ್ನು ಸಂಪರ್ಕಿಸಬಹುದು ಎಂದು ಹೇಳಿದೆ. ವದಂತಿಗಳಿಗೆ ಕಿವಿಗೊಡದೆ ಪರೀಕ್ಷೆಗೆ ತಯಾರಿ ನಡೆಸುವಂತೆ ಅಭ್ಯರ್ಥಿಗಳಿಗೆ ಸಲಹೆ ನೀಡಿದೆ.
ಪಾಕ್ ಪ್ರಜೆಗಳನ್ನು ಗಡಿಪಾರು ಮಾಡಿ:ಬಿಜೆಪಿ
ಕನ್ನಡನಾಡು ವಾರ್ತೆ ಹೊಸಪೇಟೆ,ಮೇ.6: ಭಾರತದಲ್ಲಿ ಅಕ್ರಮವಾಗಿ ನೆಲೆಸಿರುವ ಪಾಕಿಸ್ತಾನ ಪ್ರಜೆಗಳನ್ನು ಗುರುತಿಸಿ ಅವರನ್ನು ಗಡಿಪಾರು ಮಾಡಬೇಕು ಎಂದು ಒತ್ತಾಯಿಸಿ ಬಿಜೆಪಿ ವಿಜಯನಗರ ಜಿಲ್ಲಾ ಘಟಕದ ವತಿಯಿಂದ ಜಿಲ್ಲಾಧಿಕಾರಿಗೆ ಮನವಿ ಸಲ್ಲಿಸಲಾಯಿತು. ಕಾಶ್ಮೀರದಲ್ಲಿ ಪ್ರವಾಸಿಗರ ಮೇಲೆ ನಡೆದ ದಾಳಿಯನ್ನು ಖಂಡಿಸಿದರು. ದೇಶದಿಂದ ಹೊರ ಕಳುಹಿಸಬೇಕು. ಪಾಕಿಸ್ತಾನದೊಂದಿಗಿನ ಎಲ್ಲಾ ವ್ಯಾಪಾರ ಸಂಬಂಧ ಕಡಿತಗೊಳಿಸಬೇಕು. ಭಯೋತ್ಪಾದಕರನ್ನು ಮಟ್ಟಹಾಕಬೇಕು ಎಂದು ಆಗ್ರಹಿಸಿದರು. ಪಕ್ಷದ ಜಿಲ್ಲಾಧ್ಯಕ್ಷ ಸಂಜೀವರೆಡ್ಡಿ, ಪ್ರಧಾನ ಕಾರ್ಯದರ್ಶಿ ಸಿದ್ದಾರ್ಥ ಸಿಂಗ್, ಮುಖಂಡರಾದ ಶಂಕರ್ ಮೇಟಿ ಸೇರಿದಂತೆ ಅನೇಕರು ಉಪಸ್ಥಿತರಿದ್ದರು.
